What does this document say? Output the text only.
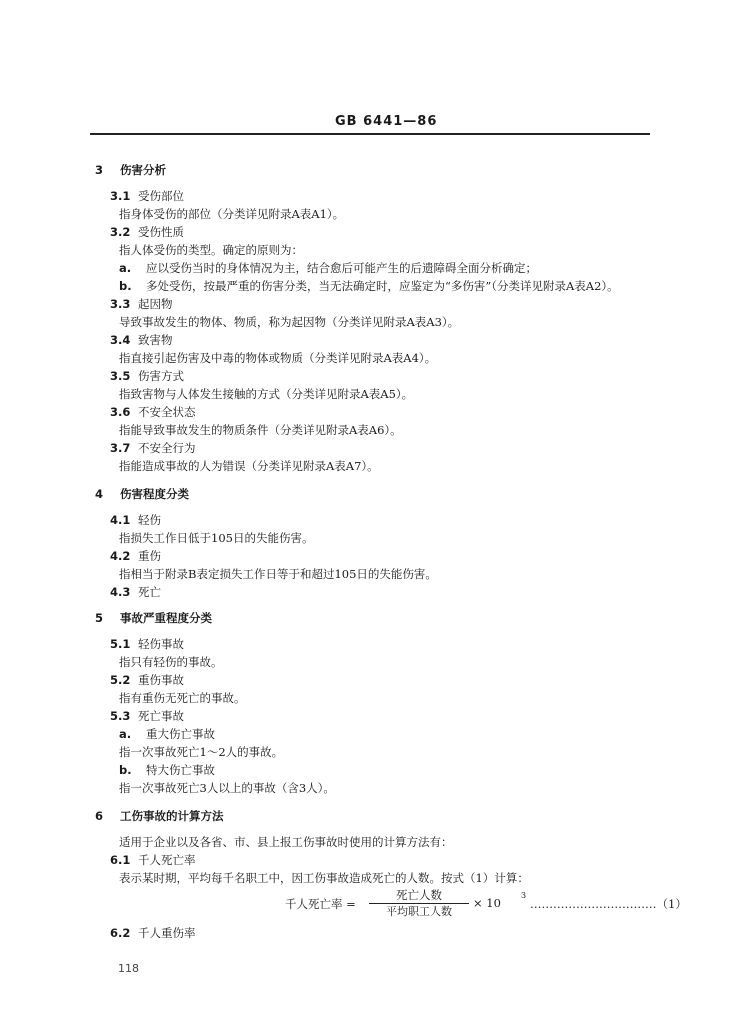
GB 6441—86
3 伤害分析
3.1 受伤部位
指身体受伤的部位（分类详见附录A表A1）。
3.2 受伤性质
指人体受伤的类型。确定的原则为：
a. 应以受伤当时的身体情况为主，结合愈后可能产生的后遗障碍全面分析确定；
b. 多处受伤，按最严重的伤害分类，当无法确定时，应鉴定为“多伤害”（分类详见附录A表A2）。
3.3 起因物
导致事故发生的物体、物质，称为起因物（分类详见附录A表A3）。
3.4 致害物
指直接引起伤害及中毒的物体或物质（分类详见附录A表A4）。
3.5 伤害方式
指致害物与人体发生接触的方式（分类详见附录A表A5）。
3.6 不安全状态
指能导致事故发生的物质条件（分类详见附录A表A6）。
3.7 不安全行为
指能造成事故的人为错误（分类详见附录A表A7）。
4 伤害程度分类
4.1 轻伤
指损失工作日低于105日的失能伤害。
4.2 重伤
指相当于附录B表定损失工作日等于和超过105日的失能伤害。
4.3 死亡
5 事故严重程度分类
5.1 轻伤事故
指只有轻伤的事故。
5.2 重伤事故
指有重伤无死亡的事故。
5.3 死亡事故
a. 重大伤亡事故
指一次事故死亡1～2人的事故。
b. 特大伤亡事故
指一次事故死亡3人以上的事故（含3人）。
6 工伤事故的计算方法
适用于企业以及各省、市、县上报工伤事故时使用的计算方法有：
6.1 千人死亡率
表示某时期，平均每千名职工中，因工伤事故造成死亡的人数。按式（1）计算：
千人死亡率 =
死亡人数
平均职工人数
× 10
3
……………………………（1）
6.2 千人重伤率
118
